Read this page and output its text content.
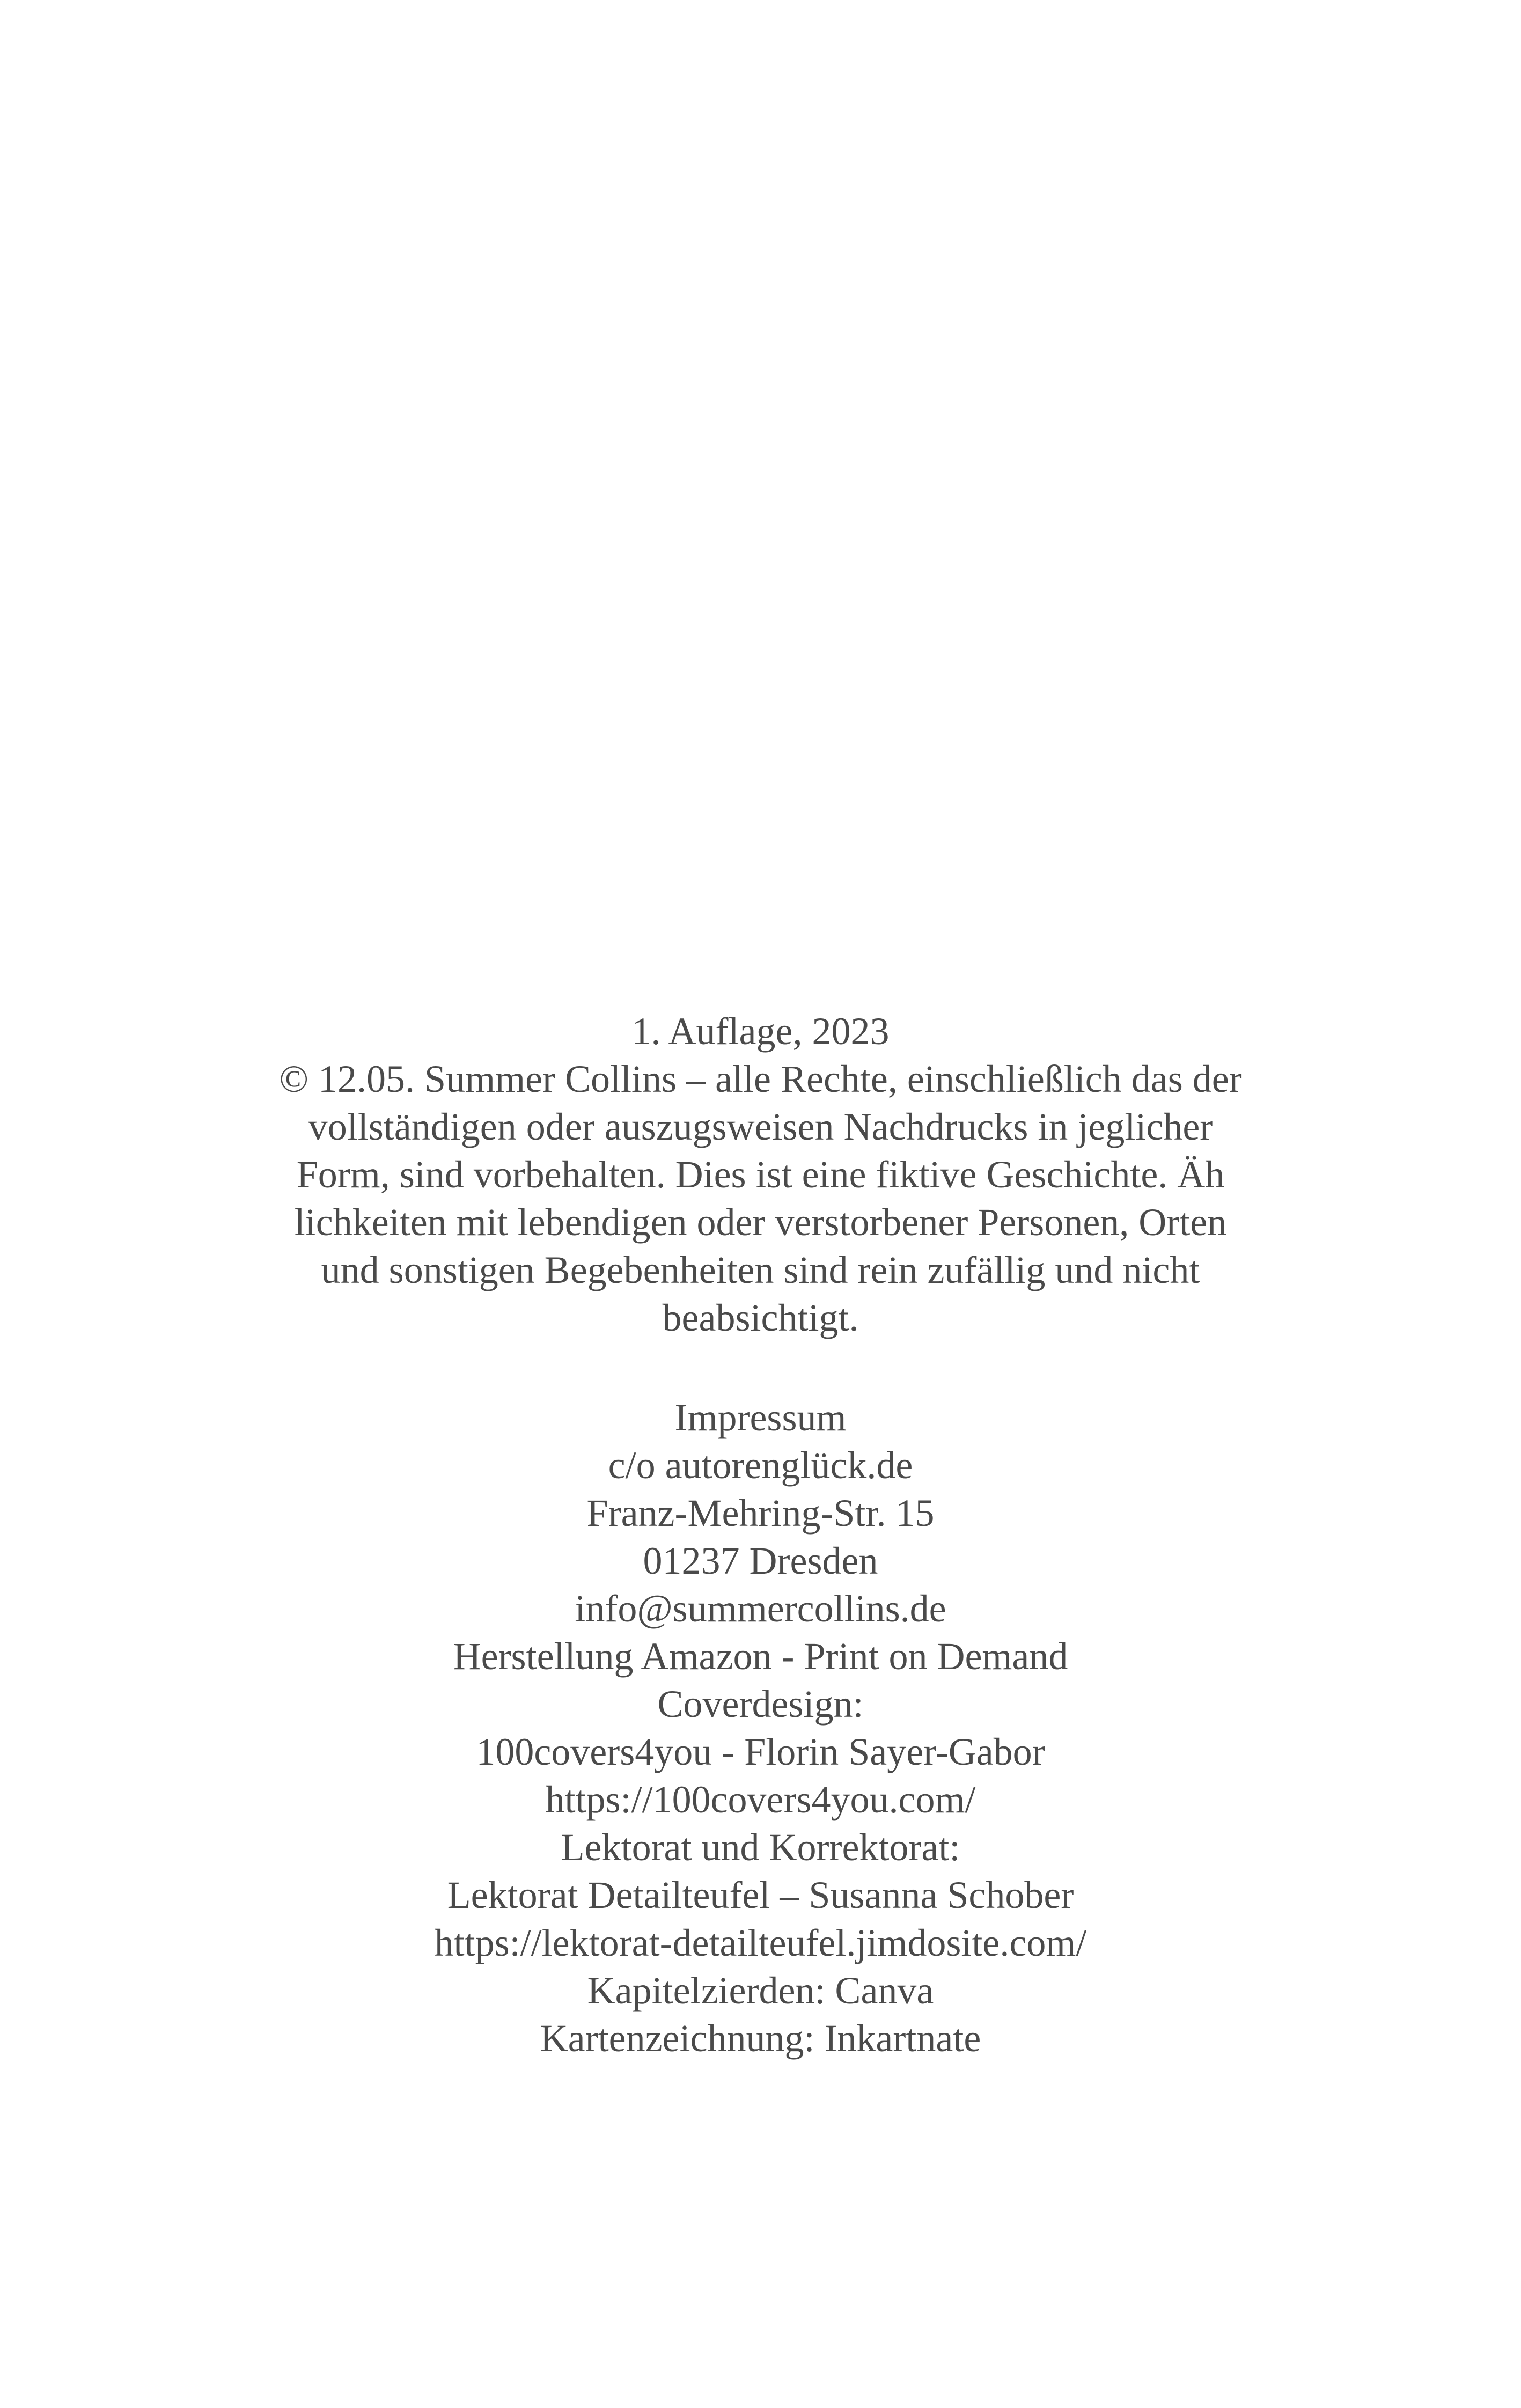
1. Auflage, 2023
© 12.05. Summer Collins – alle Rechte, einschließlich das der
vollständigen oder auszugsweisen Nachdrucks in jeglicher
Form, sind vorbehalten. Dies ist eine fiktive Geschichte. Äh
lichkeiten mit lebendigen oder verstorbener Personen, Orten
und sonstigen Begebenheiten sind rein zufällig und nicht
beabsichtigt.
Impressum
c/o autorenglück.de
Franz-Mehring-Str. 15
01237 Dresden
info@summercollins.de
Herstellung Amazon - Print on Demand
Coverdesign:
100covers4you - Florin Sayer-Gabor
https://100covers4you.com/
Lektorat und Korrektorat:
Lektorat Detailteufel – Susanna Schober
https://lektorat-detailteufel.jimdosite.com/
Kapitelzierden: Canva
Kartenzeichnung: Inkartnate
